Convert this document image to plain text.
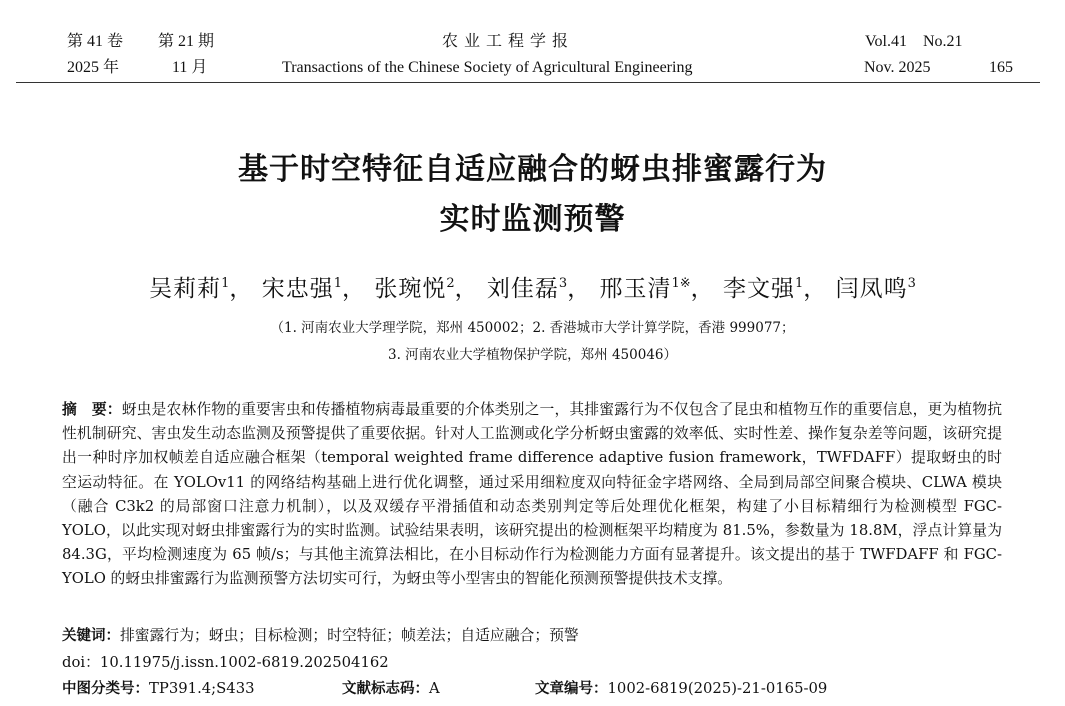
第 41 卷 第 21 期	农 业 工 程 学 报	Vol.41    No.21
2025 年	11 月	Transactions of the Chinese Society of Agricultural Engineering	Nov. 2025	165
基于时空特征自适应融合的蚜虫排蜜露行为
实时监测预警
吴莉莉$^1$， 宋忠强$^1$， 张琬悦$^2$， 刘佳磊$^3$， 邢玉清$^{1※}$， 李文强$^1$， 闫凤鸣$^3$
（1. 河南农业大学理学院，郑州 450002；2. 香港城市大学计算学院，香港 999077；
3. 河南农业大学植物保护学院，郑州 450046）

摘　要：蚜虫是农林作物的重要害虫和传播植物病毒最重要的介体类别之一，其排蜜露行为不仅包含了昆虫和植物互作的重要信息，更为植物抗性机制研究、害虫发生动态监测及预警提供了重要依据。针对人工监测或化学分析蚜虫蜜露的效率低、实时性差、操作复杂差等问题，该研究提出一种时序加权帧差自适应融合框架（temporal weighted frame difference adaptive fusion framework，TWFDAFF）提取蚜虫的时空运动特征。在 YOLOv11 的网络结构基础上进行优化调整，通过采用细粒度双向特征金字塔网络、全局到局部空间聚合模块、CLWA 模块（融合 C3k2 的局部窗口注意力机制），以及双缓存平滑插值和动态类别判定等后处理优化框架，构建了小目标精细行为检测模型 FGC-YOLO，以此实现对蚜虫排蜜露行为的实时监测。试验结果表明，该研究提出的检测框架平均精度为 81.5%，参数量为 18.8M，浮点计算量为 84.3G，平均检测速度为 65 帧/s；与其他主流算法相比，在小目标动作行为检测能力方面有显著提升。该文提出的基于 TWFDAFF 和 FGC-YOLO 的蚜虫排蜜露行为监测预警方法切实可行，为蚜虫等小型害虫的智能化预测预警提供技术支撑。

关键词：排蜜露行为；蚜虫；目标检测；时空特征；帧差法；自适应融合；预警
doi：10.11975/j.issn.1002-6819.202504162
中图分类号：TP391.4;S433	文献标志码：A	文章编号：1002-6819(2025)-21-0165-09
